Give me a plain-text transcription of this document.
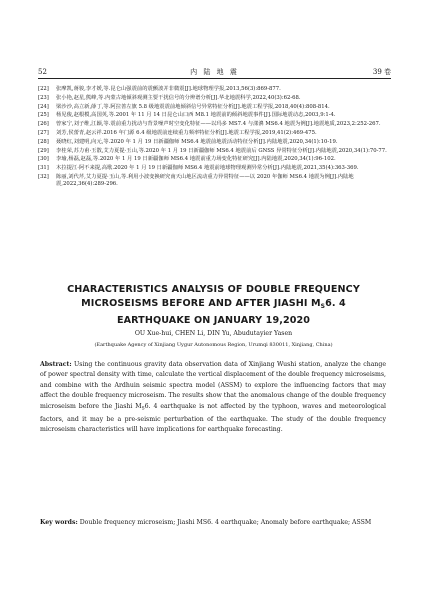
52	内 陆 地 震	39 卷
[22] 张摩凯,蒋骏,李才媛,等.昆仑山强震前的震颤波并非微震[J].地球物理学报,2013,56(3):869-877.
[23] 张小艳,赵星,熊峰,等.内蒙古地倾斜观测主要干扰信号的分辨谱分析[J].华北地震科学,2022,40(3):62-68.
[24] 梁沙沙,高立新,薛丁,等.阿拉善左旗 5.8 级地震震前地倾斜信号异常特征分析[J].地震工程学报,2018,40(4):808-814.
[25] 杨见俊,赵根模,高国英,等.2001 年 11 月 14 日昆仑山口西 M8.1 地震前的倾斜地震事件[J].国际地震动态,2003,9:1-4.
[26] 曾家宁,刘子维,江颖,等.震前重力扰动与背景噪声时空变化特征——以玛多 MS7.4 与漾濞 MS6.4 地震为例[J].地震地质,2023,2:252-267.
[27] 刘芳,侯蕾青,赵云祥.2016 年门源 6.4 级地震前连续重力频率特征分析[J].地震工程学报,2019,41(2):469-475.
[28] 聂晓红,刘建明,向元,等.2020 年 1 月 19 日新疆伽师 MS6.4 地震前地震活动特征分析[J].内陆地震,2020,34(1):10-19.
[29] 李桂荣,苏力甫·玉散,艾力夏提·玉山,等.2020 年 1 月 19 日新疆伽师 MS6.4 地震前后 GNSS 异常特征分析[J].内陆地震,2020,34(1):70-77.
[30] 李瑜,杨磊,赵磊,等.2020 年 1 月 19 日新疆伽师 MS6.4 地震前重力场变化特征研究[J].内陆地震,2020,34(1):96-102.
[31] 木拉提江·阿不来提,高歌.2020 年 1 月 19 日新疆伽师 MS6.4 地震前地球物理观测异常分析[J].内陆地震,2021,35(4):363-369.
[32] 陈丽,刘代芹,艾力夏提·玉山,等.利用小波变换研究南天山地区流动重力异常特征——以 2020 年伽师 MS6.4 地震为例[J].内陆地震,2022,36(4):289-296.
CHARACTERISTICS ANALYSIS OF DOUBLE FREQUENCY
MICROSEISMS BEFORE AND AFTER JIASHI $M_S6$. 4
EARTHQUAKE ON JANUARY 19,2020
OU Xue-hui, CHEN Li, DIN Yu, Abudutayier Yasen
(Earthquake Agency of Xinjiang Uygur Autonomous Region, Urumqi 830011, Xinjiang, China)
Abstract: Using the continuous gravity data observation data of Xinjiang Wushi station, analyze the change of power spectral density with time, calculate the vertical displacement of the double frequency microseisms, and combine with the Ardhuin seismic spectra model (ASSM) to explore the influencing factors that may affect the double frequency microseism. The results show that the anomalous change of the double frequency microseism before the Jiashi $M_S6$. 4 earthquake is not affected by the typhoon, waves and meteorological factors, and it may be a pre-seismic perturbation of the earthquake. The study of the double frequency microseism characteristics will have implications for earthquake forecasting.
Key words: Double frequency microseism; Jiashi MS6. 4 earthquake; Anomaly before earthquake; ASSM
